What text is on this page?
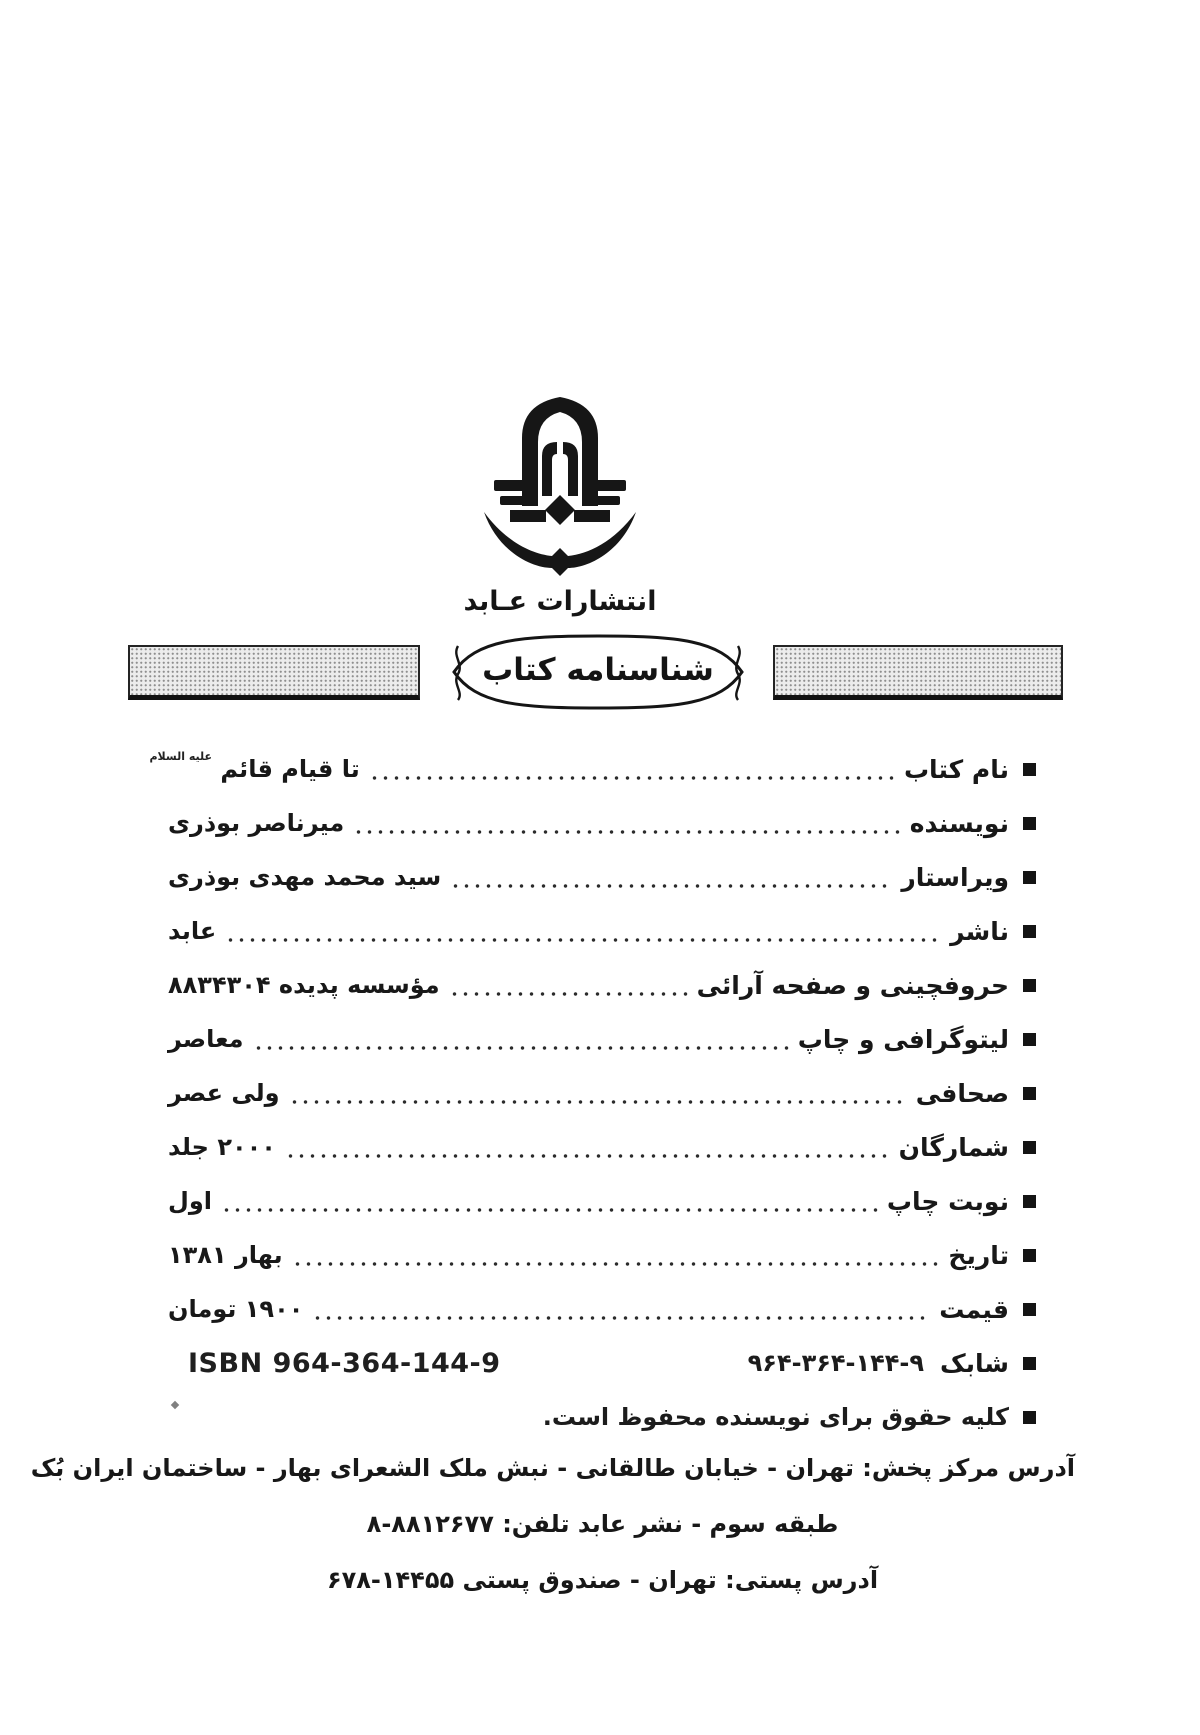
انتشارات عـابد
شناسنامه کتاب
نام کتاب
تا قیام قائم علیه السلام
نویسنده
میرناصر بوذری
ویراستار
سید محمد مهدی بوذری
ناشر
عابد
حروفچینی و صفحه آرائی
مؤسسه پدیده ۸۸۳۴۳۰۴
لیتوگرافی و چاپ
معاصر
صحافی
ولی عصر
شمارگان
۲۰۰۰ جلد
نوبت چاپ
اول
تاریخ
بهار ۱۳۸۱
قیمت
۱۹۰۰ تومان
شابک
۹۶۴-۳۶۴-۱۴۴-۹
ISBN 964-364-144-9
کلیه حقوق برای نویسنده محفوظ است.
آدرس مرکز پخش: تهران - خیابان طالقانی - نبش ملک الشعرای بهار - ساختمان ایران بُک
طبقه سوم - نشر عابد تلفن: ۸۸۱۲۶۷۷-۸
آدرس پستی: تهران - صندوق پستی ۱۴۴۵۵-۶۷۸
